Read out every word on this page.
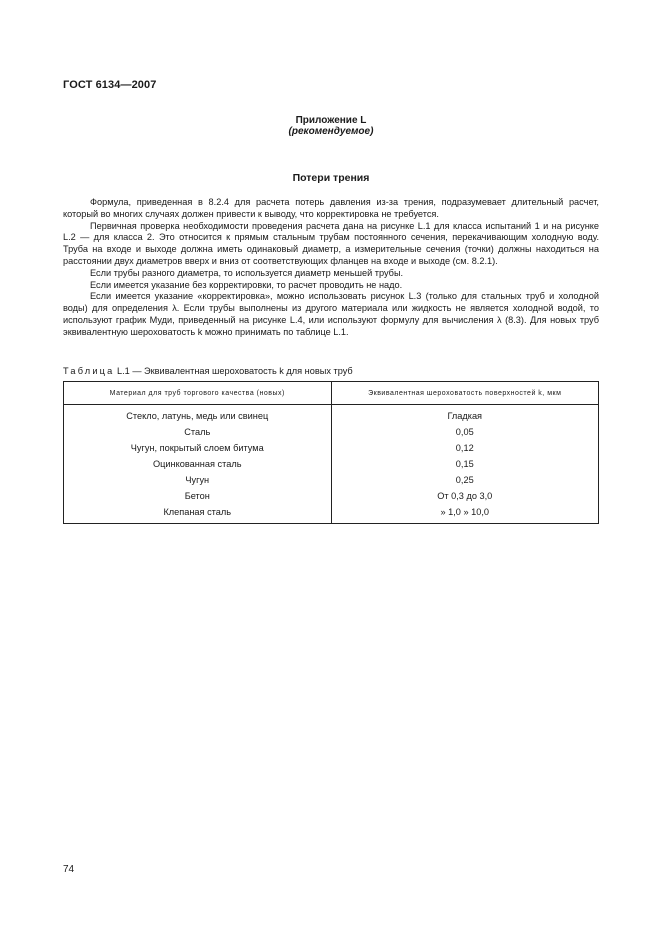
ГОСТ 6134—2007
Приложение L
(рекомендуемое)
Потери трения

Формула, приведенная в 8.2.4 для расчета потерь давления из-за трения, подразумевает длительный расчет, который во многих случаях должен привести к выводу, что корректировка не требуется.

Первичная проверка необходимости проведения расчета дана на рисунке L.1 для класса испытаний 1 и на рисунке L.2 — для класса 2. Это относится к прямым стальным трубам постоянного сечения, перекачивающим холодную воду. Труба на входе и выходе должна иметь одинаковый диаметр, а измерительные сечения (точки) должны находиться на расстоянии двух диаметров вверх и вниз от соответствующих фланцев на входе и выходе (см. 8.2.1).

Если трубы разного диаметра, то используется диаметр меньшей трубы.

Если имеется указание без корректировки, то расчет проводить не надо.

Если имеется указание «корректировка», можно использовать рисунок L.3 (только для стальных труб и холодной воды) для определения λ. Если трубы выполнены из другого материала или жидкость не является холодной водой, то используют график Муди, приведенный на рисунке L.4, или используют формулу для вычисления λ (8.3). Для новых труб эквивалентную шероховатость k можно принимать по таблице L.1.

Таблица L.1 — Эквивалентная шероховатость k для новых труб
Материал для труб торгового качества (новых)	Эквивалентная шероховатость поверхностей k, мкм
Стекло, латунь, медь или свинец	Гладкая
Сталь	0,05
Чугун, покрытый слоем битума	0,12
Оцинкованная сталь	0,15
Чугун	0,25
Бетон	От 0,3 до 3,0
Клепаная сталь	» 1,0 » 10,0
74
